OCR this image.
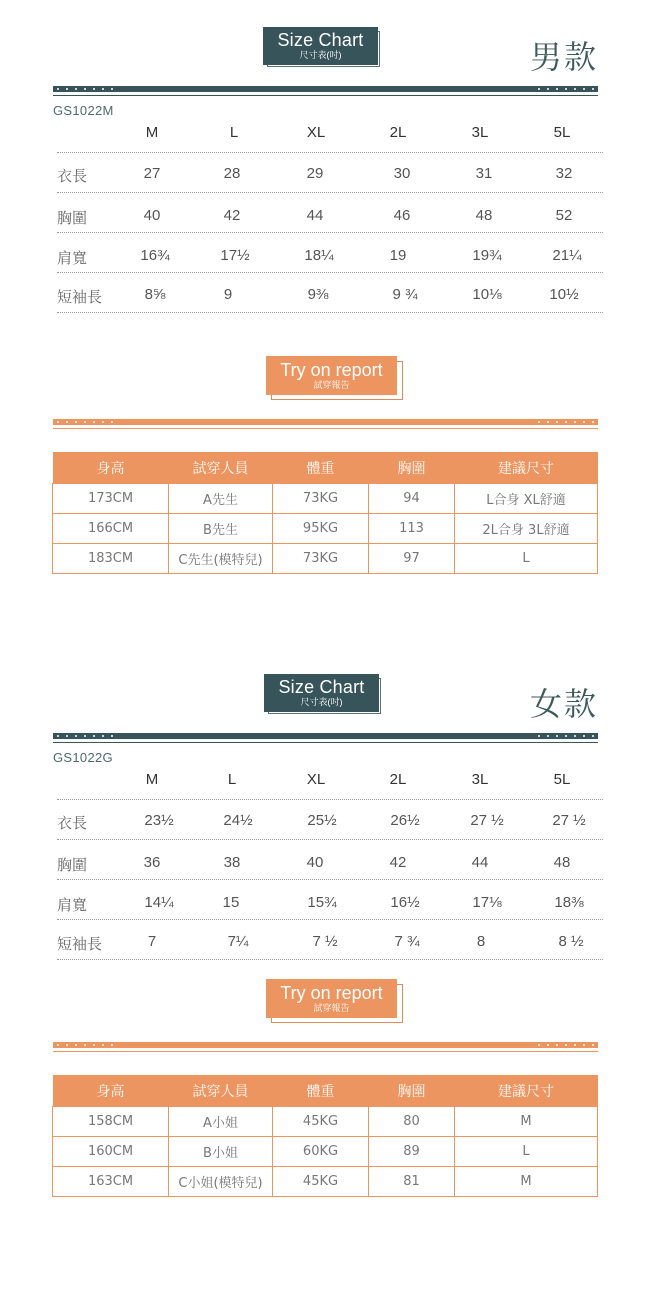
Size Chart
尺寸表(吋)	男款
GS1022M
M	L	XL	2L	3L	5L
衣長	27	28	29	30	31	32
胸圍	40	42	44	46	48	52
肩寬	16¾	17½	18¼	19	19¾	21¼
短袖長	8⅝	9	9⅜	9 ¾	10⅛	10½
Try on report
試穿報告
身高	試穿人員	體重	胸圍	建議尺寸
173CM	A先生	73KG	94	L合身 XL舒適
166CM	B先生	95KG	113	2L合身 3L舒適
183CM	C先生(模特兒)	73KG	97	L
Size Chart
尺寸表(吋)	女款
GS1022G
M	L	XL	2L	3L	5L
衣長	23½	24½	25½	26½	27 ½	27 ½
胸圍	36	38	40	42	44	48
肩寬	14¼	15	15¾	16½	17⅛	18⅜
短袖長	7	7¼	7 ½	7 ¾	8	8 ½
Try on report
試穿報告
身高	試穿人員	體重	胸圍	建議尺寸
158CM	A小姐	45KG	80	M
160CM	B小姐	60KG	89	L
163CM	C小姐(模特兒)	45KG	81	M
